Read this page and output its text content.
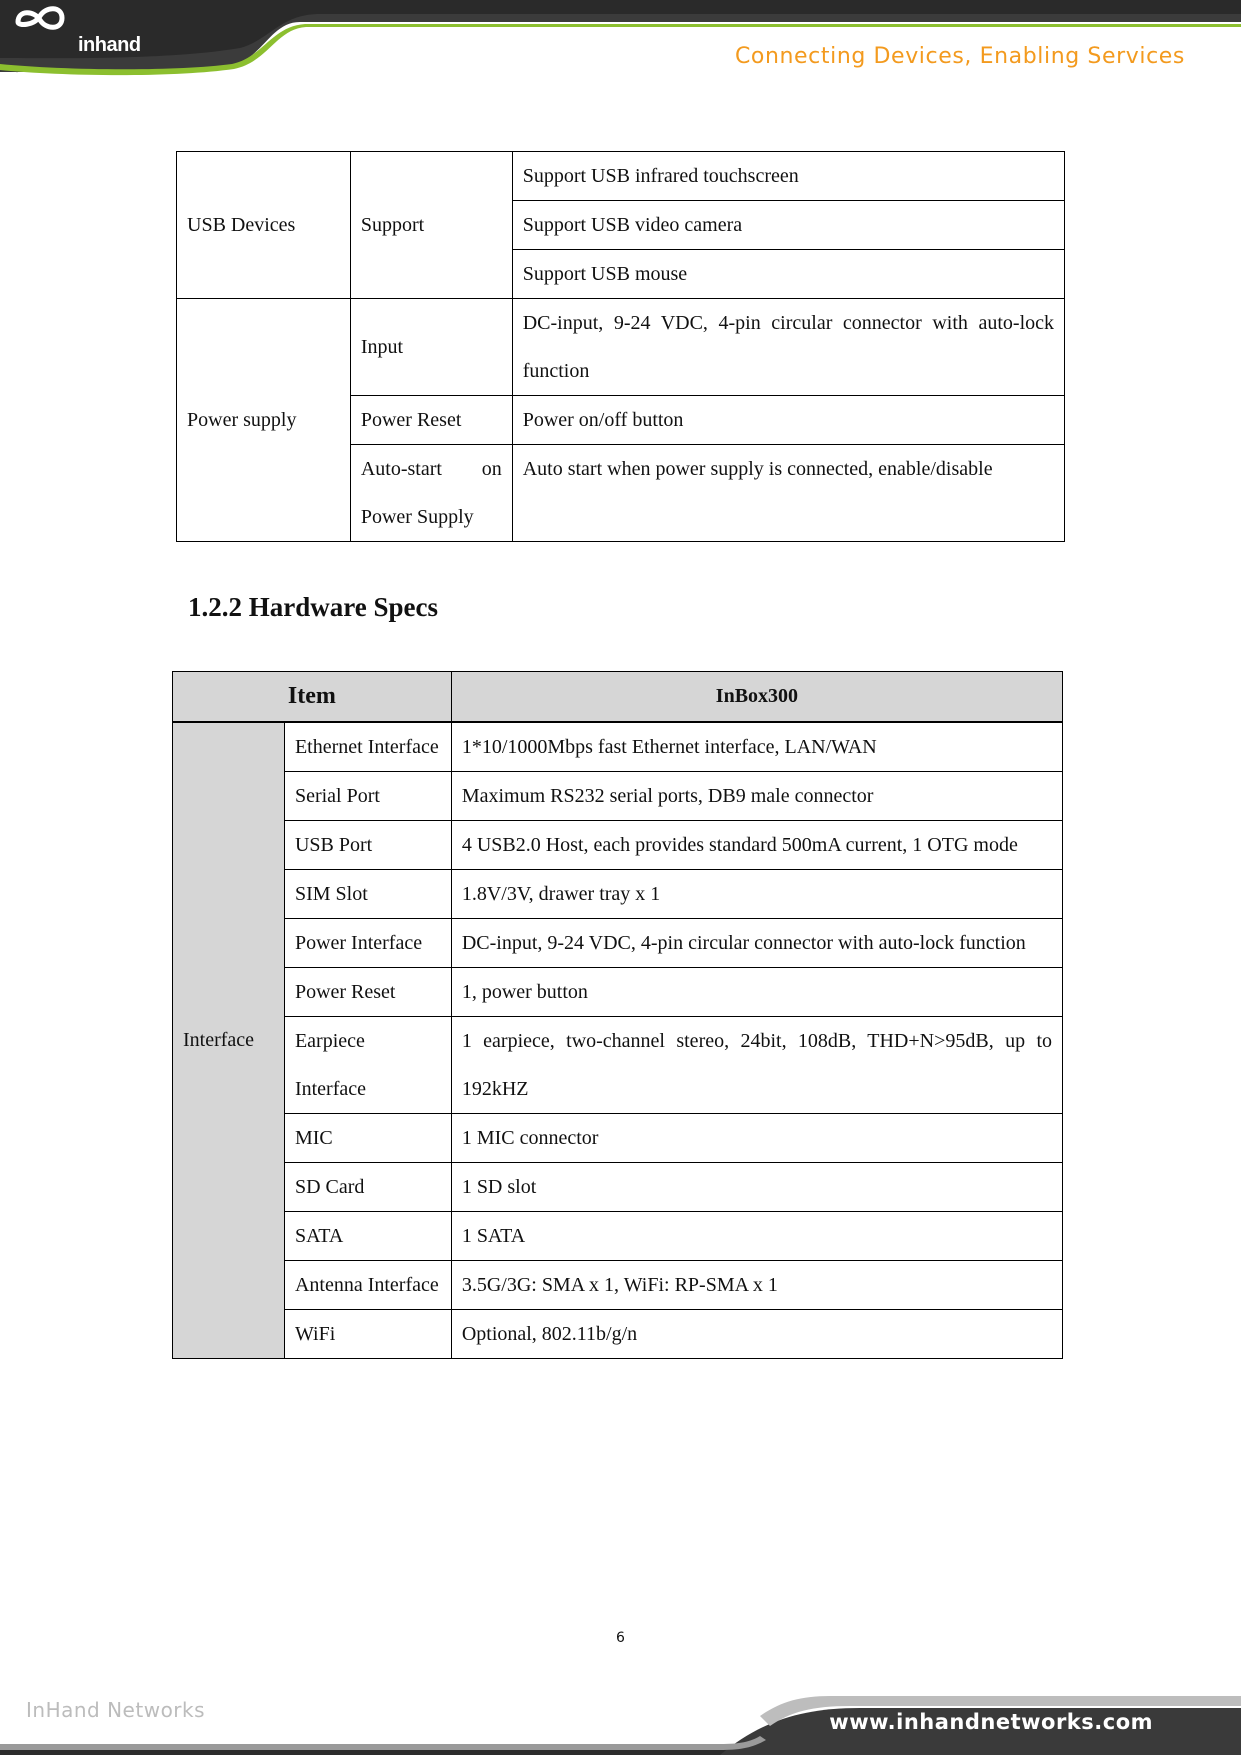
inhand	Connecting Devices, Enabling Services
USB Devices	Support	Support USB infrared touchscreen
		Support USB video camera
		Support USB mouse
Power supply	Input	DC-input, 9-24 VDC, 4-pin circular connector with auto-lock function
	Power Reset	Power on/off button
	Auto-start on Power Supply	Auto start when power supply is connected, enable/disable
1.2.2 Hardware Specs
Item		InBox300
Interface	Ethernet Interface	1*10/1000Mbps fast Ethernet interface, LAN/WAN
	Serial Port	Maximum RS232 serial ports, DB9 male connector
	USB Port	4 USB2.0 Host, each provides standard 500mA current, 1 OTG mode
	SIM Slot	1.8V/3V, drawer tray x 1
	Power Interface	DC-input, 9-24 VDC, 4-pin circular connector with auto-lock function
	Power Reset	1, power button
	Earpiece Interface	1 earpiece, two-channel stereo, 24bit, 108dB, THD+N>95dB, up to 192kHZ
	MIC	1 MIC connector
	SD Card	1 SD slot
	SATA	1 SATA
	Antenna Interface	3.5G/3G: SMA x 1, WiFi: RP-SMA x 1
	WiFi	Optional, 802.11b/g/n
6
InHand Networks	www.inhandnetworks.com
